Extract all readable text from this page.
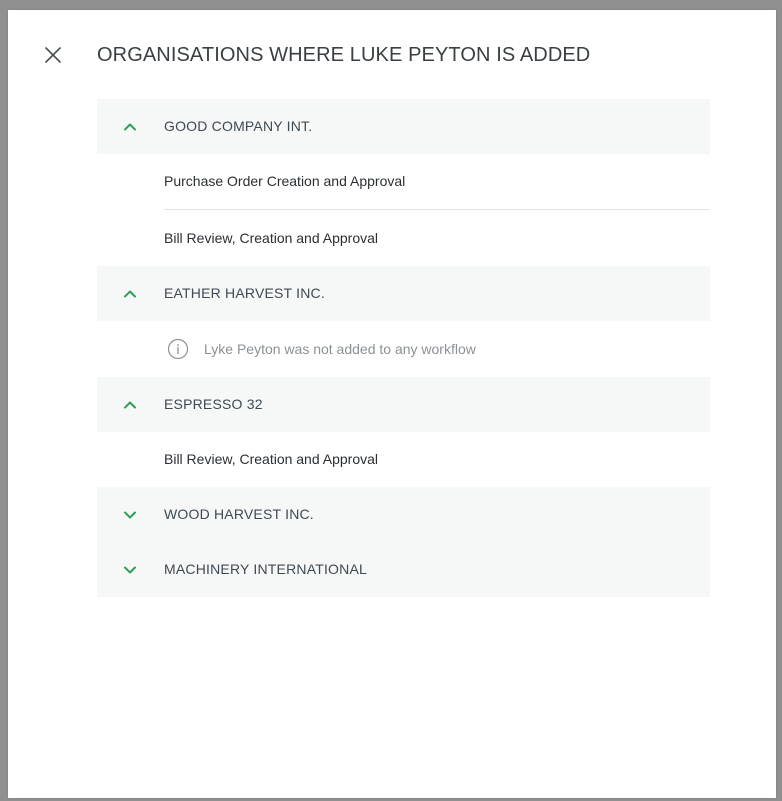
ORGANISATIONS WHERE LUKE PEYTON IS ADDED
GOOD COMPANY INT.
Purchase Order Creation and Approval
Bill Review, Creation and Approval
EATHER HARVEST INC.
Lyke Peyton was not added to any workflow
ESPRESSO 32
Bill Review, Creation and Approval
WOOD HARVEST INC.
MACHINERY INTERNATIONAL
